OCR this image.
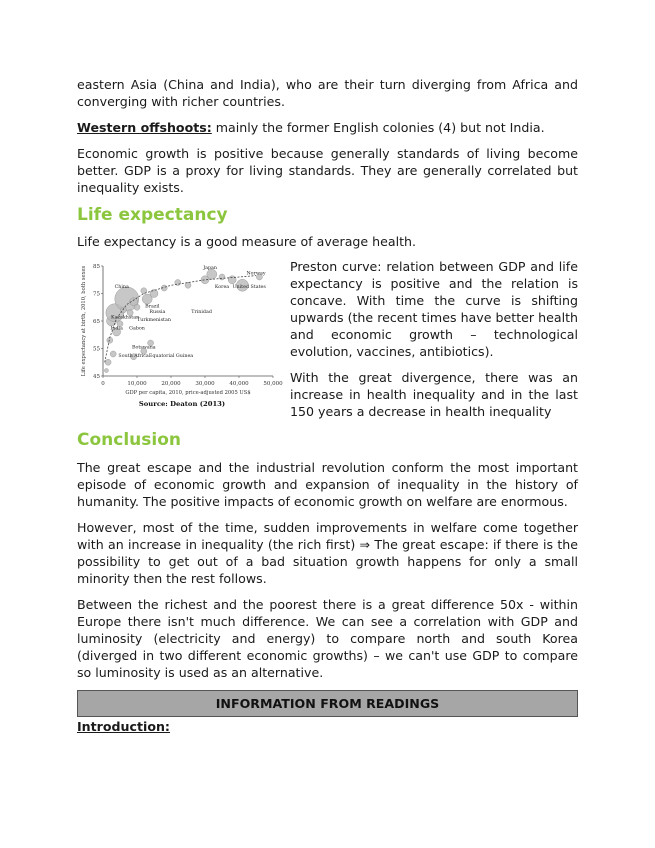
eastern Asia (China and India), who are their turn diverging from Africa and converging with richer countries.

Western offshoots: mainly the former English colonies (4) but not India.

Economic growth is positive because generally standards of living become better. GDP is a proxy for living standards. They are generally correlated but inequality exists.

Life expectancy

Life expectancy is a good measure of average health.

0	10,000	20,000	30,000	40,000	50,000
45
55
65
75
85	Japan
Norway
China	Korea United States
Russia
Brazil
Turkmenistan
Kazakhstan
Trinidad
India Gabon
Botswana
South Africa Equatorial Guinea
GDP per capita, 2010, price-adjusted 2005 US$
Life expectancy at birth, 2010, both sexes
Source: Deaton (2013)

Preston curve: relation between GDP and life expectancy is positive and the relation is concave. With time the curve is shifting upwards (the recent times have better health and economic growth – technological evolution, vaccines, antibiotics).

With the great divergence, there was an increase in health inequality and in the last 150 years a decrease in health inequality

Conclusion

The great escape and the industrial revolution conform the most important episode of economic growth and expansion of inequality in the history of humanity. The positive impacts of economic growth on welfare are enormous.

However, most of the time, sudden improvements in welfare come together with an increase in inequality (the rich first) ⇒ The great escape: if there is the possibility to get out of a bad situation growth happens for only a small minority then the rest follows.

Between the richest and the poorest there is a great difference 50x - within Europe there isn't much difference. We can see a correlation with GDP and luminosity (electricity and energy) to compare north and south Korea (diverged in two different economic growths) – we can't use GDP to compare so luminosity is used as an alternative.

INFORMATION FROM READINGS

Introduction:
